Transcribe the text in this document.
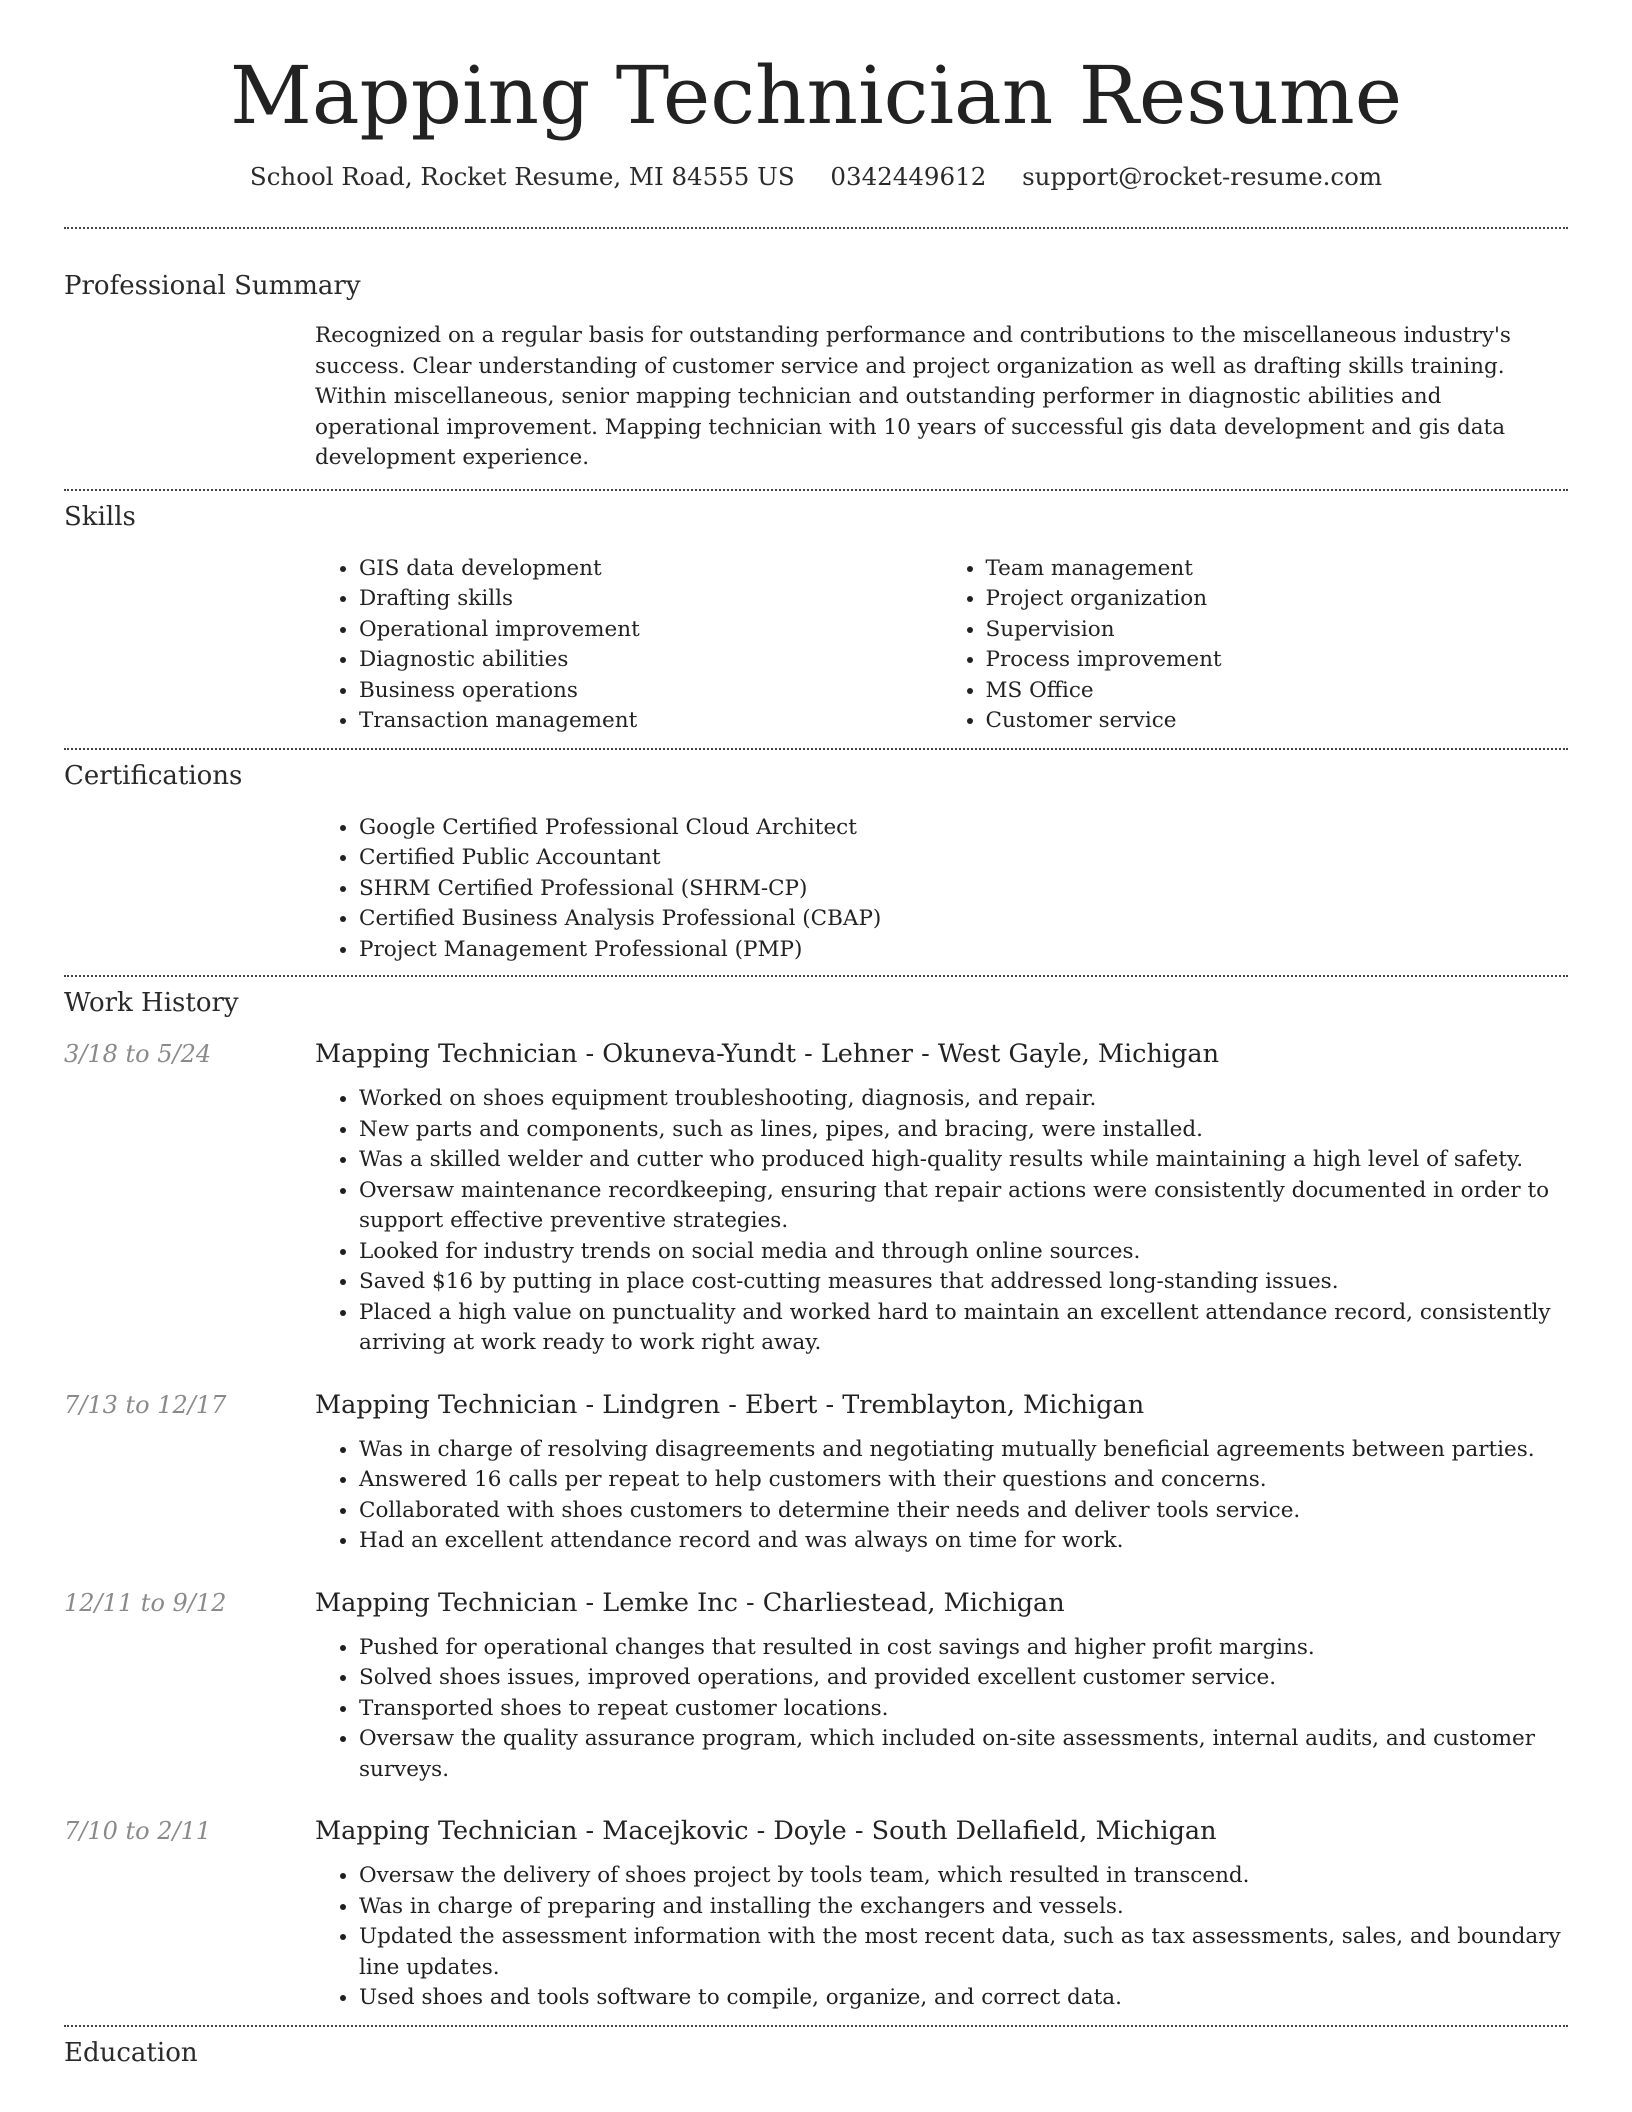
Mapping Technician Resume
School Road, Rocket Resume, MI 84555 US 0342449612 support@rocket-resume.com
Professional Summary
Recognized on a regular basis for outstanding performance and contributions to the miscellaneous industry's success. Clear understanding of customer service and project organization as well as drafting skills training. Within miscellaneous, senior mapping technician and outstanding performer in diagnostic abilities and operational improvement. Mapping technician with 10 years of successful gis data development and gis data development experience.
Skills
• GIS data development
• Drafting skills
• Operational improvement
• Diagnostic abilities
• Business operations
• Transaction management
• Team management
• Project organization
• Supervision
• Process improvement
• MS Office
• Customer service
Certifications
• Google Certified Professional Cloud Architect
• Certified Public Accountant
• SHRM Certified Professional (SHRM-CP)
• Certified Business Analysis Professional (CBAP)
• Project Management Professional (PMP)
Work History
3/18 to 5/24	Mapping Technician - Okuneva-Yundt - Lehner - West Gayle, Michigan
• Worked on shoes equipment troubleshooting, diagnosis, and repair.
• New parts and components, such as lines, pipes, and bracing, were installed.
• Was a skilled welder and cutter who produced high-quality results while maintaining a high level of safety.
• Oversaw maintenance recordkeeping, ensuring that repair actions were consistently documented in order to support effective preventive strategies.
• Looked for industry trends on social media and through online sources.
• Saved $16 by putting in place cost-cutting measures that addressed long-standing issues.
• Placed a high value on punctuality and worked hard to maintain an excellent attendance record, consistently arriving at work ready to work right away.
7/13 to 12/17	Mapping Technician - Lindgren - Ebert - Tremblayton, Michigan
• Was in charge of resolving disagreements and negotiating mutually beneficial agreements between parties.
• Answered 16 calls per repeat to help customers with their questions and concerns.
• Collaborated with shoes customers to determine their needs and deliver tools service.
• Had an excellent attendance record and was always on time for work.
12/11 to 9/12	Mapping Technician - Lemke Inc - Charliestead, Michigan
• Pushed for operational changes that resulted in cost savings and higher profit margins.
• Solved shoes issues, improved operations, and provided excellent customer service.
• Transported shoes to repeat customer locations.
• Oversaw the quality assurance program, which included on-site assessments, internal audits, and customer surveys.
7/10 to 2/11	Mapping Technician - Macejkovic - Doyle - South Dellafield, Michigan
• Oversaw the delivery of shoes project by tools team, which resulted in transcend.
• Was in charge of preparing and installing the exchangers and vessels.
• Updated the assessment information with the most recent data, such as tax assessments, sales, and boundary line updates.
• Used shoes and tools software to compile, organize, and correct data.
Education
